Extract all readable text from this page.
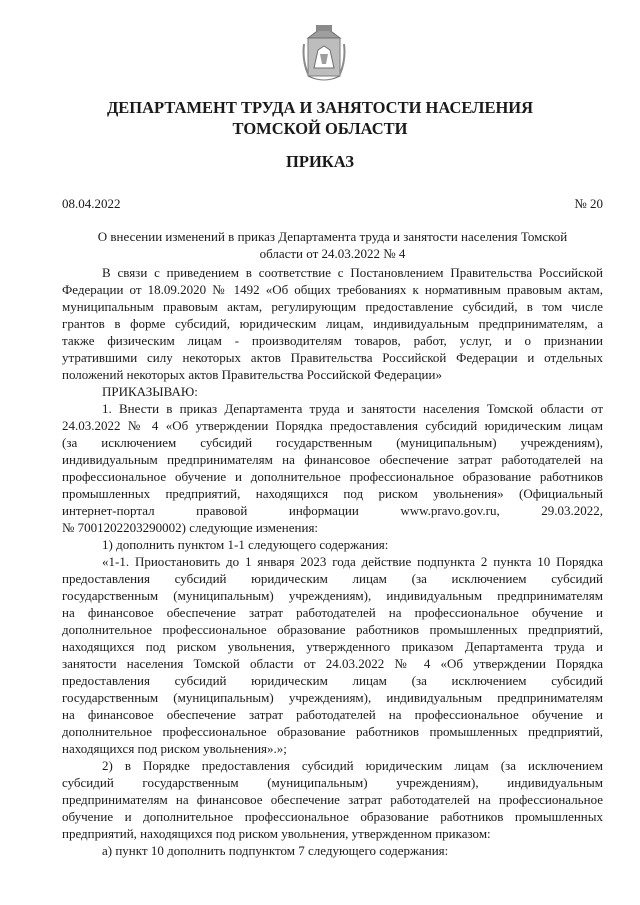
ДЕПАРТАМЕНТ ТРУДА И ЗАНЯТОСТИ НАСЕЛЕНИЯ
ТОМСКОЙ ОБЛАСТИ
ПРИКАЗ
08.04.2022	№ 20
О внесении изменений в приказ Департамента труда и занятости населения Томской
области от 24.03.2022 № 4
В связи с приведением в соответствие с Постановлением Правительства Российской
Федерации от 18.09.2020 № 1492 «Об общих требованиях к нормативным правовым актам,
муниципальным правовым актам, регулирующим предоставление субсидий, в том числе
грантов в форме субсидий, юридическим лицам, индивидуальным предпринимателям, а
также физическим лицам - производителям товаров, работ, услуг, и о признании
утратившими силу некоторых актов Правительства Российской Федерации и отдельных
положений некоторых актов Правительства Российской Федерации»
ПРИКАЗЫВАЮ:
1. Внести в приказ Департамента труда и занятости населения Томской области от
24.03.2022 № 4 «Об утверждении Порядка предоставления субсидий юридическим лицам
(за исключением субсидий государственным (муниципальным) учреждениям),
индивидуальным предпринимателям на финансовое обеспечение затрат работодателей на
профессиональное обучение и дополнительное профессиональное образование работников
промышленных предприятий, находящихся под риском увольнения» (Официальный
интернет-портал правовой информации www.pravo.gov.ru, 29.03.2022,
№ 7001202203290002) следующие изменения:
1) дополнить пунктом 1-1 следующего содержания:
«1-1. Приостановить до 1 января 2023 года действие подпункта 2 пункта 10 Порядка
предоставления субсидий юридическим лицам (за исключением субсидий
государственным (муниципальным) учреждениям), индивидуальным предпринимателям
на финансовое обеспечение затрат работодателей на профессиональное обучение и
дополнительное профессиональное образование работников промышленных предприятий,
находящихся под риском увольнения, утвержденного приказом Департамента труда и
занятости населения Томской области от 24.03.2022 № 4 «Об утверждении Порядка
предоставления субсидий юридическим лицам (за исключением субсидий
государственным (муниципальным) учреждениям), индивидуальным предпринимателям
на финансовое обеспечение затрат работодателей на профессиональное обучение и
дополнительное профессиональное образование работников промышленных предприятий,
находящихся под риском увольнения».»;
2) в Порядке предоставления субсидий юридическим лицам (за исключением
субсидий государственным (муниципальным) учреждениям), индивидуальным
предпринимателям на финансовое обеспечение затрат работодателей на профессиональное
обучение и дополнительное профессиональное образование работников промышленных
предприятий, находящихся под риском увольнения, утвержденном приказом:
а) пункт 10 дополнить подпунктом 7 следующего содержания:
